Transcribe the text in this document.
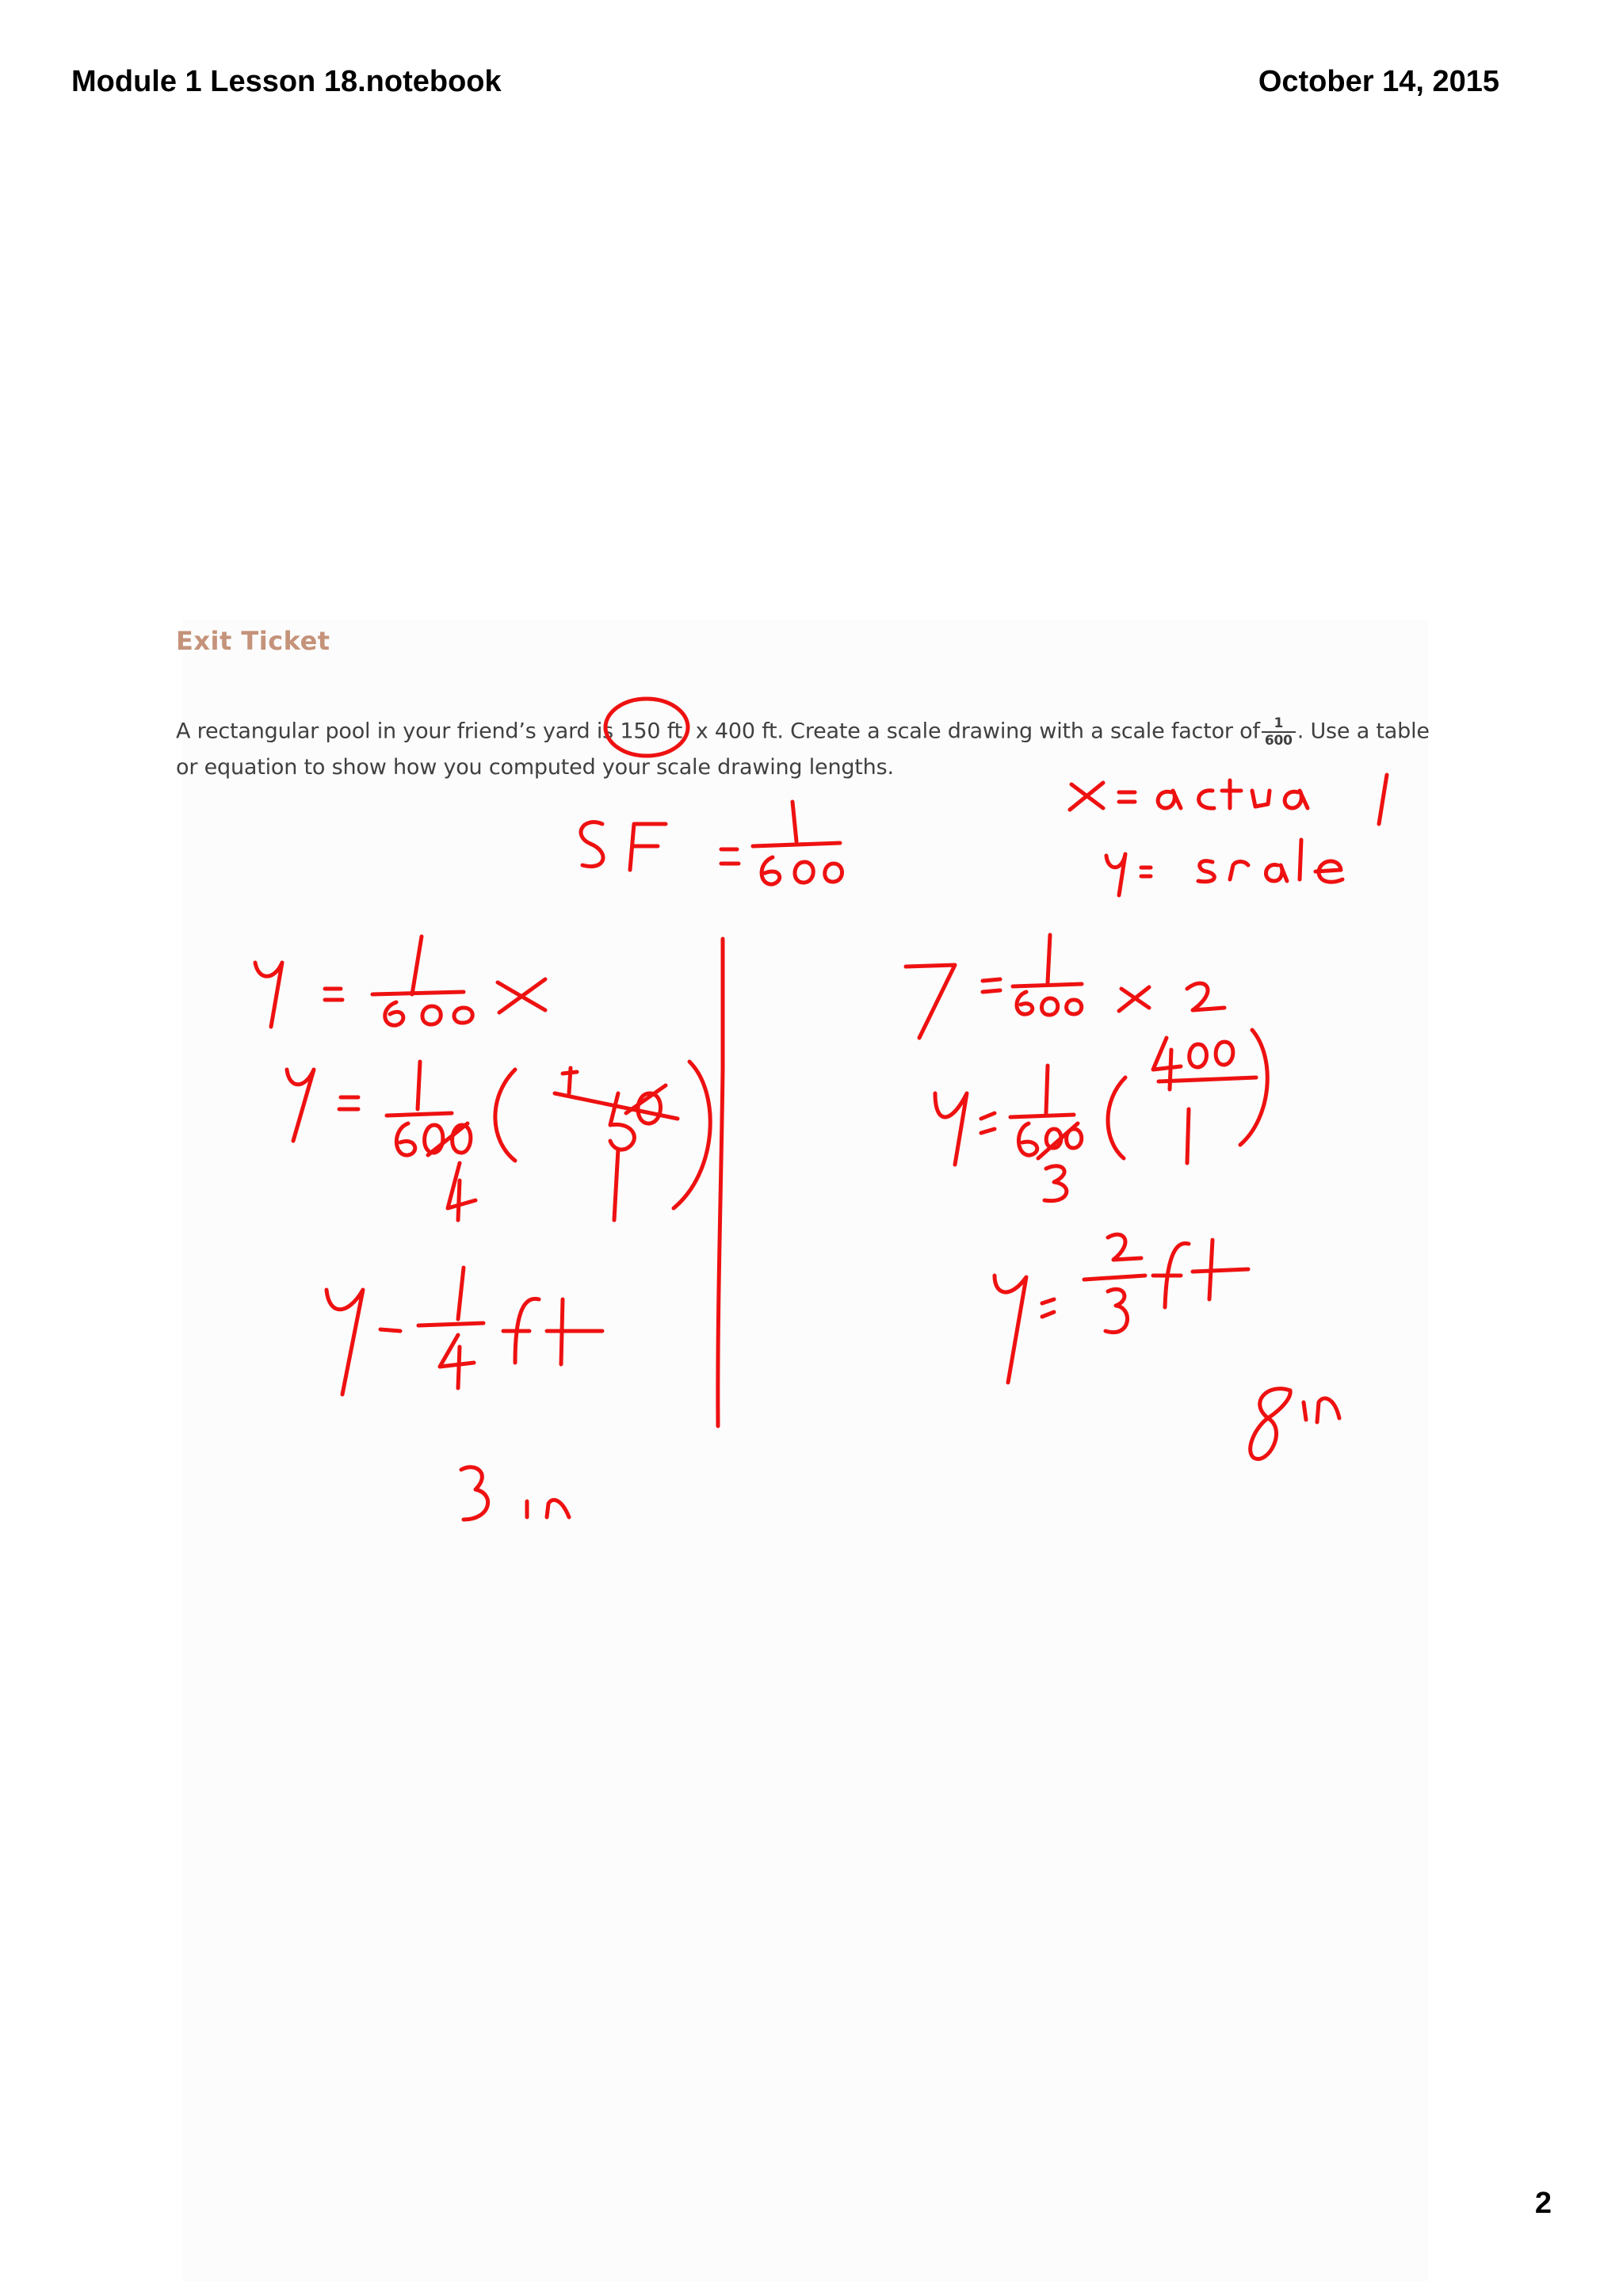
Module 1 Lesson 18.notebook	October 14, 2015
Exit Ticket
A rectangular pool in your friend’s yard is 150 ft. x 400 ft. Create a scale drawing with a scale factor of $\frac{1}{600}$ . Use a table
or equation to show how you computed your scale drawing lengths.
2
